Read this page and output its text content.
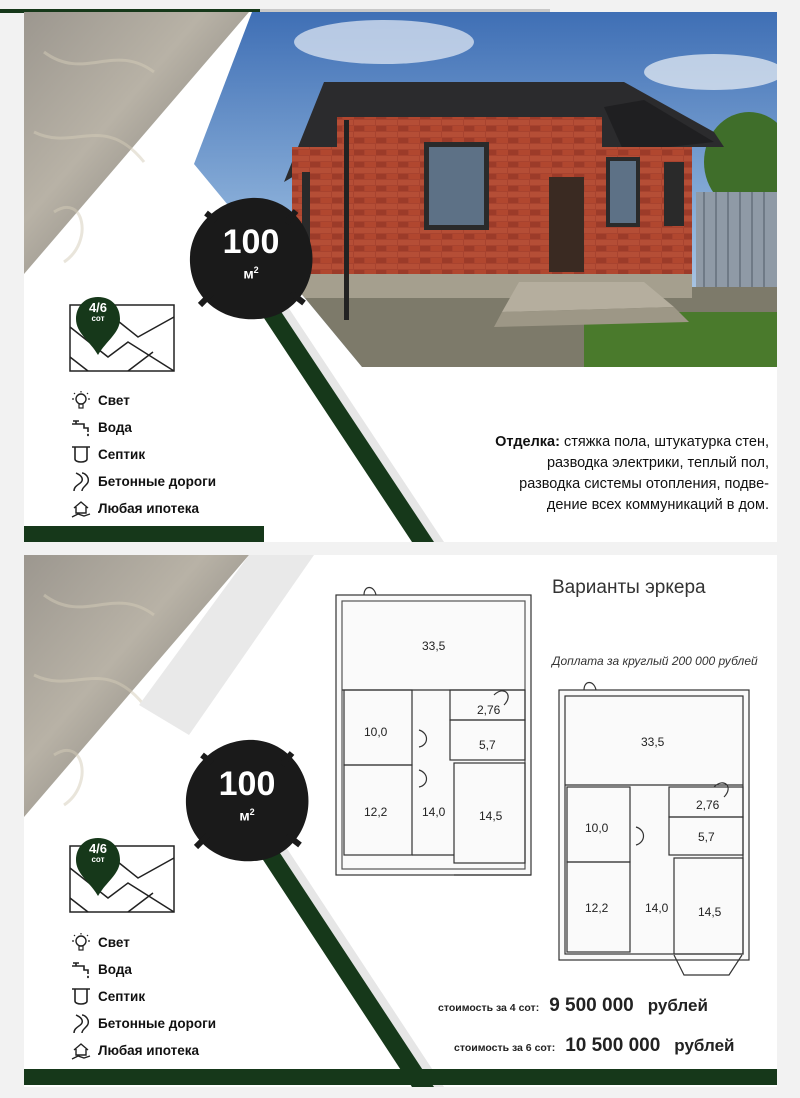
100
$м^2$
4/6
сот
Свет
Вода
Септик
Бетонные дороги
Любая ипотека
Отделка: стяжка пола, штукатурка стен,
разводка электрики, теплый пол,
разводка системы отопления, подве-
дение всех коммуникаций в дом.
Варианты эркера
Доплата за круглый 200 000 рублей
33,5
10,0
2,76
5,7
12,2	14,0	14,5
33,5
10,0
2,76
5,7
12,2	14,0 14,5
100
$м^2$
4/6
сот
Свет
Вода
Септик
Бетонные дороги
Любая ипотека
стоимость за 4 сот: 9 500 000 рублей
стоимость за 6 сот: 10 500 000 рублей
